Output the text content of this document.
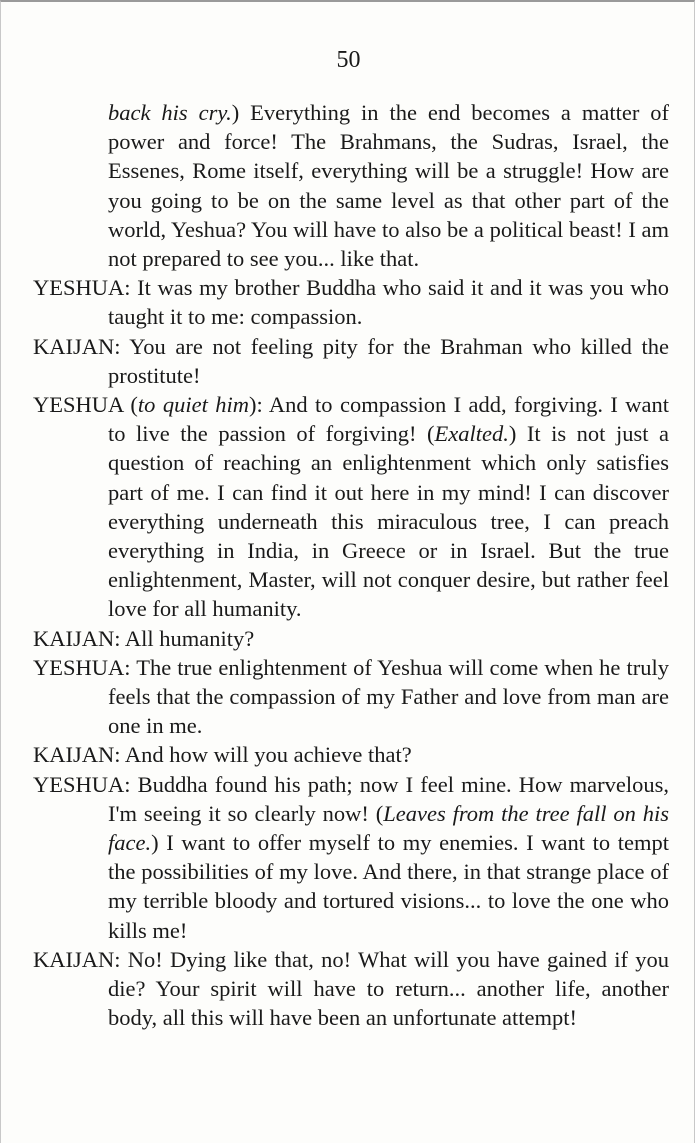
50

back his cry.) Everything in the end becomes a matter of power and force! The Brahmans, the Sudras, Israel, the Essenes, Rome itself, everything will be a struggle! How are you going to be on the same level as that other part of the world, Yeshua? You will have to also be a political beast! I am not prepared to see you... like that.

YESHUA: It was my brother Buddha who said it and it was you who taught it to me: compassion.

KAIJAN: You are not feeling pity for the Brahman who killed the prostitute!

YESHUA (to quiet him): And to compassion I add, forgiving. I want to live the passion of forgiving! (Exalted.) It is not just a question of reaching an enlightenment which only satisfies part of me. I can find it out here in my mind! I can discover everything underneath this miraculous tree, I can preach everything in India, in Greece or in Israel. But the true enlightenment, Master, will not conquer desire, but rather feel love for all humanity.

KAIJAN: All humanity?

YESHUA: The true enlightenment of Yeshua will come when he truly feels that the compassion of my Father and love from man are one in me.

KAIJAN: And how will you achieve that?

YESHUA: Buddha found his path; now I feel mine. How marvelous, I'm seeing it so clearly now! (Leaves from the tree fall on his face.) I want to offer myself to my enemies. I want to tempt the possibilities of my love. And there, in that strange place of my terrible bloody and tortured visions... to love the one who kills me!

KAIJAN: No! Dying like that, no! What will you have gained if you die? Your spirit will have to return... another life, another body, all this will have been an unfortunate attempt!
